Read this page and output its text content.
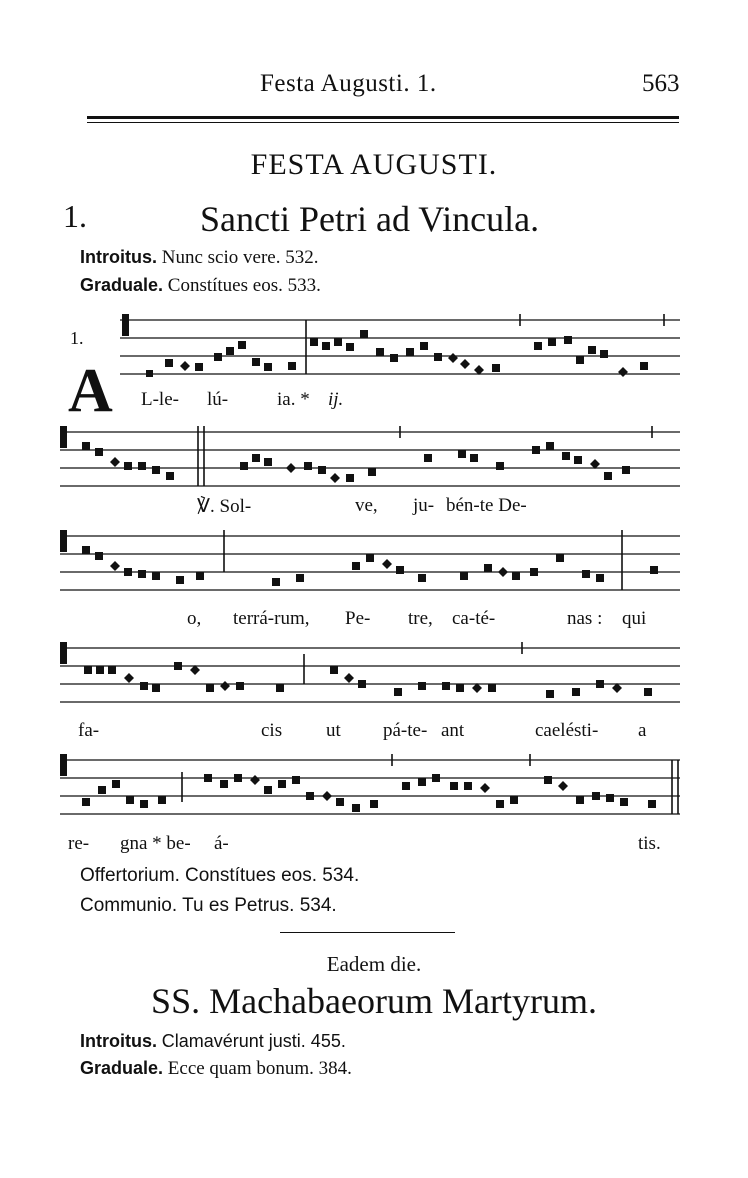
Festa Augusti. 1.	563
FESTA AUGUSTI.
1.	Sancti Petri ad Vincula.
Introitus. Nunc scio vere. 532.
Graduale. Constítues eos. 533.
1.
A L-le- lú-	ia. * ij.
℣. Sol-	ve, ju- bén-te De-
o, terrá-rum, Pe- tre, ca-té-	nas : qui
fa-	cis ut pá-te- ant	caelésti- a
re- gna * be- á-	tis.
Offertorium. Constítues eos. 534.
Communio. Tu es Petrus. 534.
Eadem die.
SS. Machabaeorum Martyrum.
Introitus. Clamavérunt justi. 455.
Graduale. Ecce quam bonum. 384.
